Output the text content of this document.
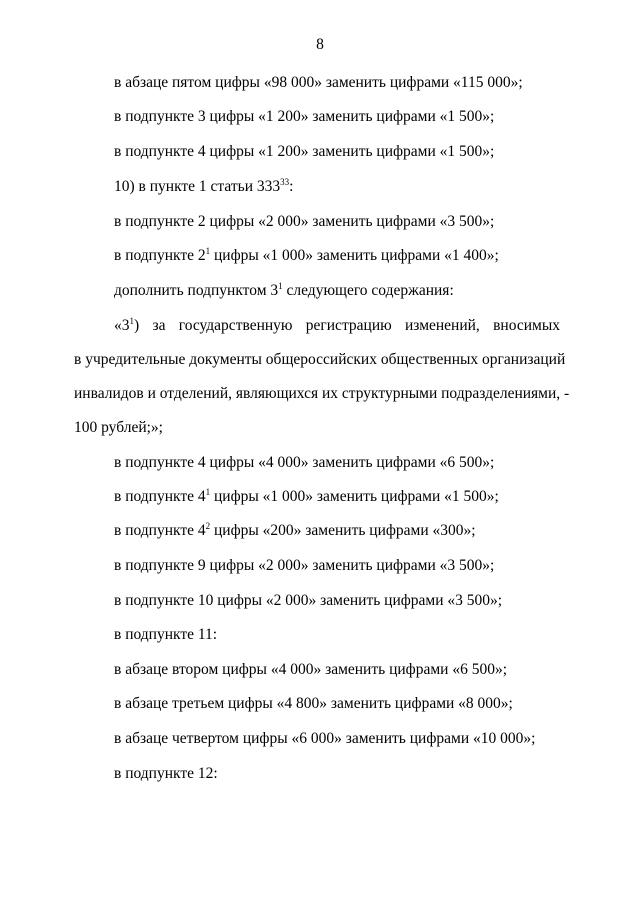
8
в абзаце пятом цифры «98 000» заменить цифрами «115 000»;
в подпункте 3 цифры «1 200» заменить цифрами «1 500»;
в подпункте 4 цифры «1 200» заменить цифрами «1 500»;
10) в пункте 1 статьи $333^{33}$:
в подпункте 2 цифры «2 000» заменить цифрами «3 500»;
в подпункте $2^1$ цифры «1 000» заменить цифрами «1 400»;
дополнить подпунктом $3^1$ следующего содержания:
«$3^1$) за государственную регистрацию изменений, вносимых
в учредительные документы общероссийских общественных организаций
инвалидов и отделений, являющихся их структурными подразделениями, -
100 рублей;»;
в подпункте 4 цифры «4 000» заменить цифрами «6 500»;
в подпункте $4^1$ цифры «1 000» заменить цифрами «1 500»;
в подпункте $4^2$ цифры «200» заменить цифрами «300»;
в подпункте 9 цифры «2 000» заменить цифрами «3 500»;
в подпункте 10 цифры «2 000» заменить цифрами «3 500»;
в подпункте 11:
в абзаце втором цифры «4 000» заменить цифрами «6 500»;
в абзаце третьем цифры «4 800» заменить цифрами «8 000»;
в абзаце четвертом цифры «6 000» заменить цифрами «10 000»;
в подпункте 12:
